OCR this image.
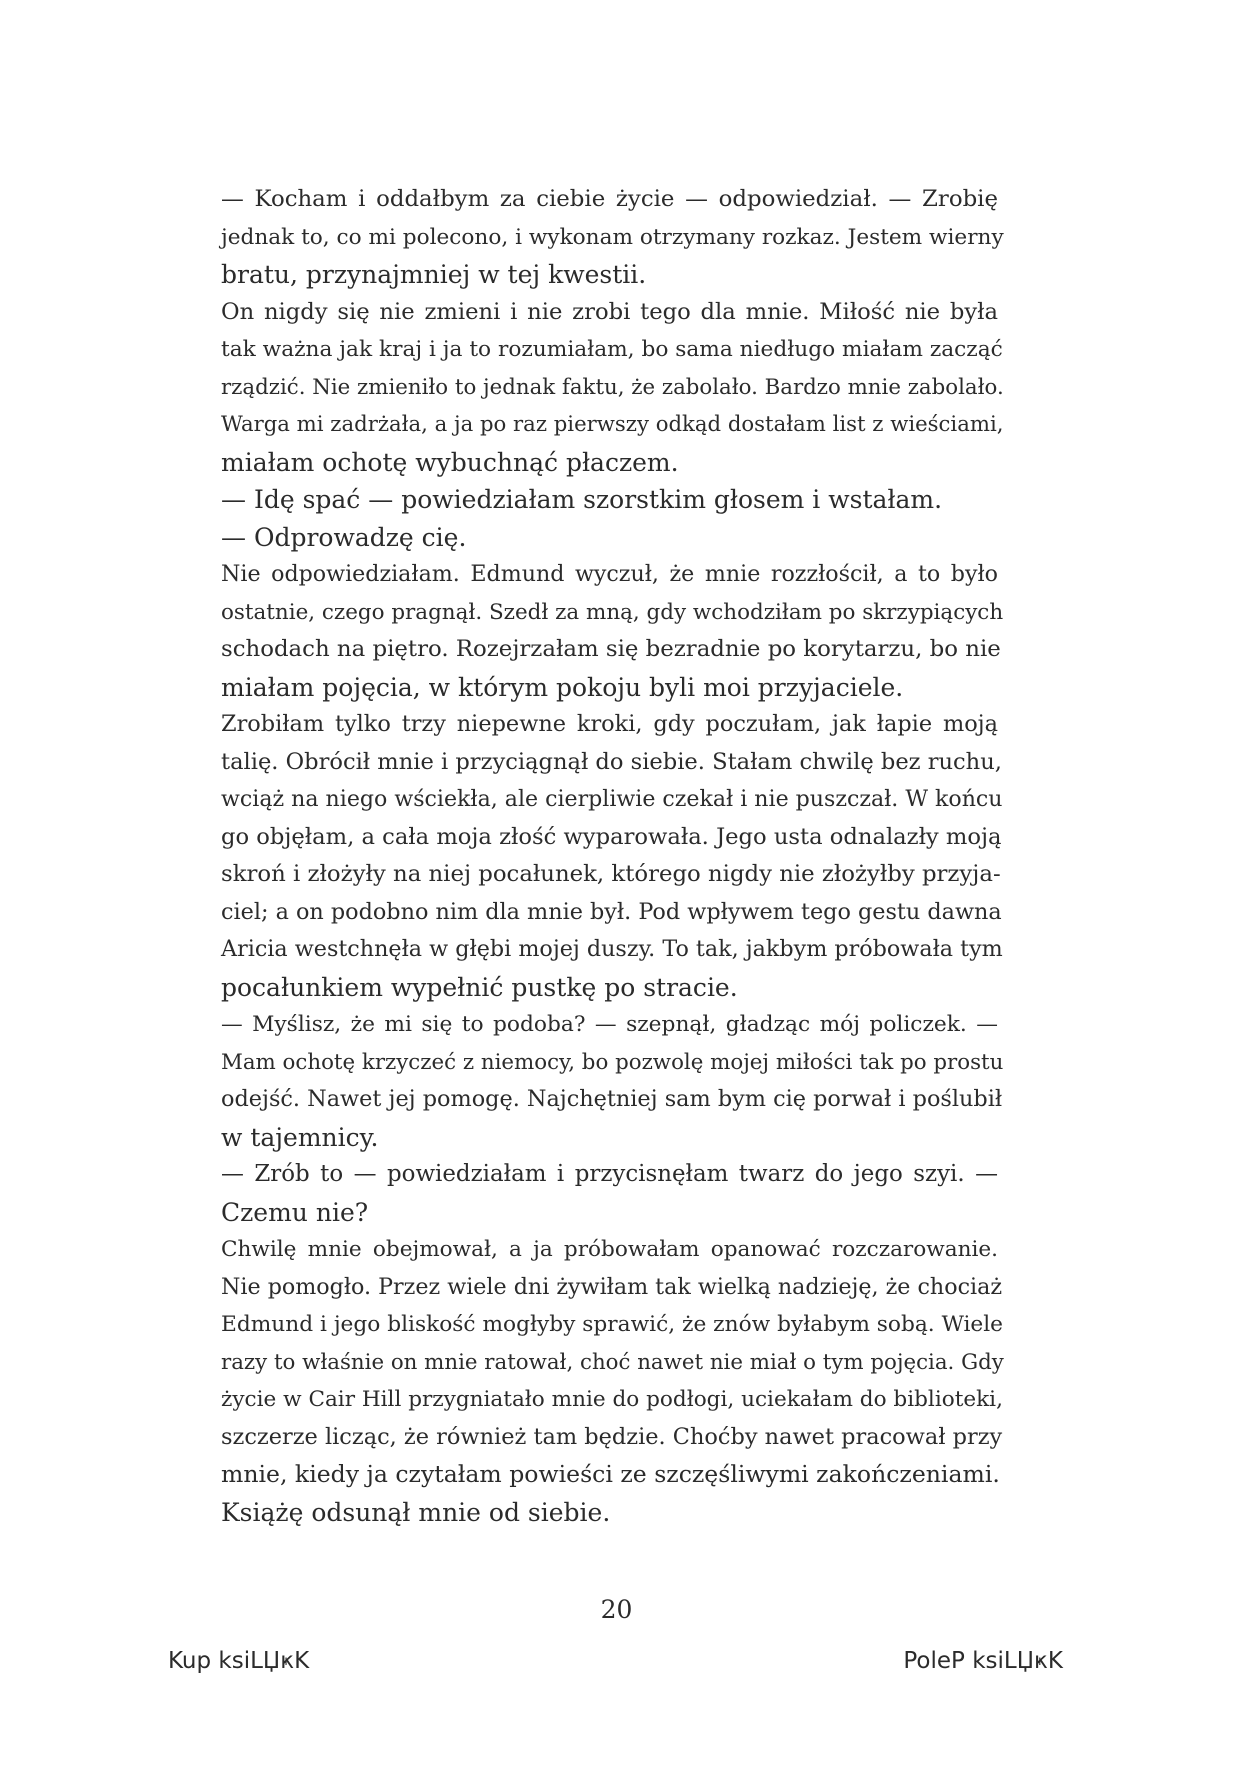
— Kocham i oddałbym za ciebie życie — odpowiedział. — Zrobię
jednak to, co mi polecono, i wykonam otrzymany rozkaz. Jestem wierny
bratu, przynajmniej w tej kwestii.
On nigdy się nie zmieni i nie zrobi tego dla mnie. Miłość nie była
tak ważna jak kraj i ja to rozumiałam, bo sama niedługo miałam zacząć
rządzić. Nie zmieniło to jednak faktu, że zabolało. Bardzo mnie zabolało.
Warga mi zadrżała, a ja po raz pierwszy odkąd dostałam list z wieściami,
miałam ochotę wybuchnąć płaczem.
— Idę spać — powiedziałam szorstkim głosem i wstałam.
— Odprowadzę cię.
Nie odpowiedziałam. Edmund wyczuł, że mnie rozzłościł, a to było
ostatnie, czego pragnął. Szedł za mną, gdy wchodziłam po skrzypiących
schodach na piętro. Rozejrzałam się bezradnie po korytarzu, bo nie
miałam pojęcia, w którym pokoju byli moi przyjaciele.
Zrobiłam tylko trzy niepewne kroki, gdy poczułam, jak łapie moją
talię. Obrócił mnie i przyciągnął do siebie. Stałam chwilę bez ruchu,
wciąż na niego wściekła, ale cierpliwie czekał i nie puszczał. W końcu
go objęłam, a cała moja złość wyparowała. Jego usta odnalazły moją
skroń i złożyły na niej pocałunek, którego nigdy nie złożyłby przyja-
ciel; a on podobno nim dla mnie był. Pod wpływem tego gestu dawna
Aricia westchnęła w głębi mojej duszy. To tak, jakbym próbowała tym
pocałunkiem wypełnić pustkę po stracie.
— Myślisz, że mi się to podoba? — szepnął, gładząc mój policzek. —
Mam ochotę krzyczeć z niemocy, bo pozwolę mojej miłości tak po prostu
odejść. Nawet jej pomogę. Najchętniej sam bym cię porwał i poślubił
w tajemnicy.
— Zrób to — powiedziałam i przycisnęłam twarz do jego szyi. —
Czemu nie?
Chwilę mnie obejmował, a ja próbowałam opanować rozczarowanie.
Nie pomogło. Przez wiele dni żywiłam tak wielką nadzieję, że chociaż
Edmund i jego bliskość mogłyby sprawić, że znów byłabym sobą. Wiele
razy to właśnie on mnie ratował, choć nawet nie miał o tym pojęcia. Gdy
życie w Cair Hill przygniatało mnie do podłogi, uciekałam do biblioteki,
szczerze licząc, że również tam będzie. Choćby nawet pracował przy
mnie, kiedy ja czytałam powieści ze szczęśliwymi zakończeniami.
Książę odsunął mnie od siebie.
20
Kup ksiLЏҝK	PoleP ksiLЏҝK
